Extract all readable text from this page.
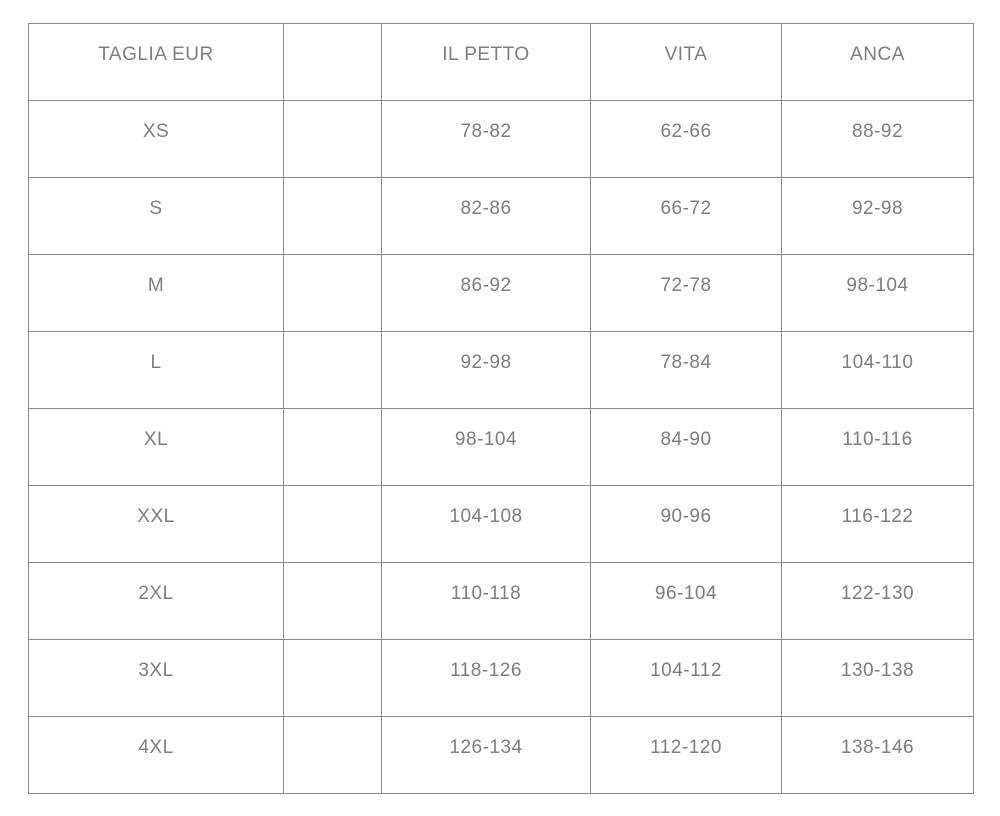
TAGLIA EUR		IL PETTO	VITA	ANCA
XS		78-82	62-66	88-92
S		82-86	66-72	92-98
M		86-92	72-78	98-104
L		92-98	78-84	104-110
XL		98-104	84-90	110-116
XXL		104-108	90-96	116-122
2XL		110-118	96-104	122-130
3XL		118-126	104-112	130-138
4XL		126-134	112-120	138-146
